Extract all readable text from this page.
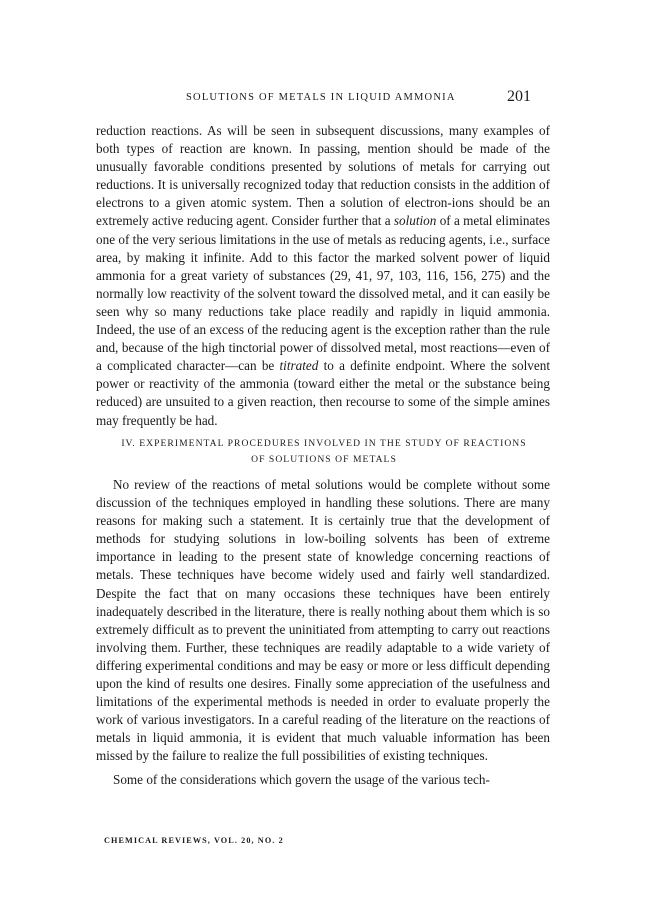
SOLUTIONS OF METALS IN LIQUID AMMONIA	201

reduction reactions. As will be seen in subsequent discussions, many examples of both types of reaction are known. In passing, mention should be made of the unusually favorable conditions presented by solutions of metals for carrying out reductions. It is universally recognized today that reduction consists in the addition of electrons to a given atomic system. Then a solution of electron-ions should be an extremely active reducing agent. Consider further that a solution of a metal eliminates one of the very serious limitations in the use of metals as reducing agents, i.e., surface area, by making it infinite. Add to this factor the marked solvent power of liquid ammonia for a great variety of substances (29, 41, 97, 103, 116, 156, 275) and the normally low reactivity of the solvent toward the dissolved metal, and it can easily be seen why so many reductions take place readily and rapidly in liquid ammonia. Indeed, the use of an excess of the reducing agent is the exception rather than the rule and, because of the high tinctorial power of dissolved metal, most reactions—even of a complicated character—can be titrated to a definite endpoint. Where the solvent power or reactivity of the ammonia (toward either the metal or the substance being reduced) are unsuited to a given reaction, then recourse to some of the simple amines may frequently be had.

IV. EXPERIMENTAL PROCEDURES INVOLVED IN THE STUDY OF REACTIONS
OF SOLUTIONS OF METALS

No review of the reactions of metal solutions would be complete without some discussion of the techniques employed in handling these solutions. There are many reasons for making such a statement. It is certainly true that the development of methods for studying solutions in low-boiling solvents has been of extreme importance in leading to the present state of knowledge concerning reactions of metals. These techniques have become widely used and fairly well standardized. Despite the fact that on many occasions these techniques have been entirely inadequately described in the literature, there is really nothing about them which is so extremely difficult as to prevent the uninitiated from attempting to carry out reactions involving them. Further, these techniques are readily adaptable to a wide variety of differing experimental conditions and may be easy or more or less difficult depending upon the kind of results one desires. Finally some appreciation of the usefulness and limitations of the experimental methods is needed in order to evaluate properly the work of various investigators. In a careful reading of the literature on the reactions of metals in liquid ammonia, it is evident that much valuable information has been missed by the failure to realize the full possibilities of existing techniques.

Some of the considerations which govern the usage of the various tech-

CHEMICAL REVIEWS, VOL. 20, NO. 2
